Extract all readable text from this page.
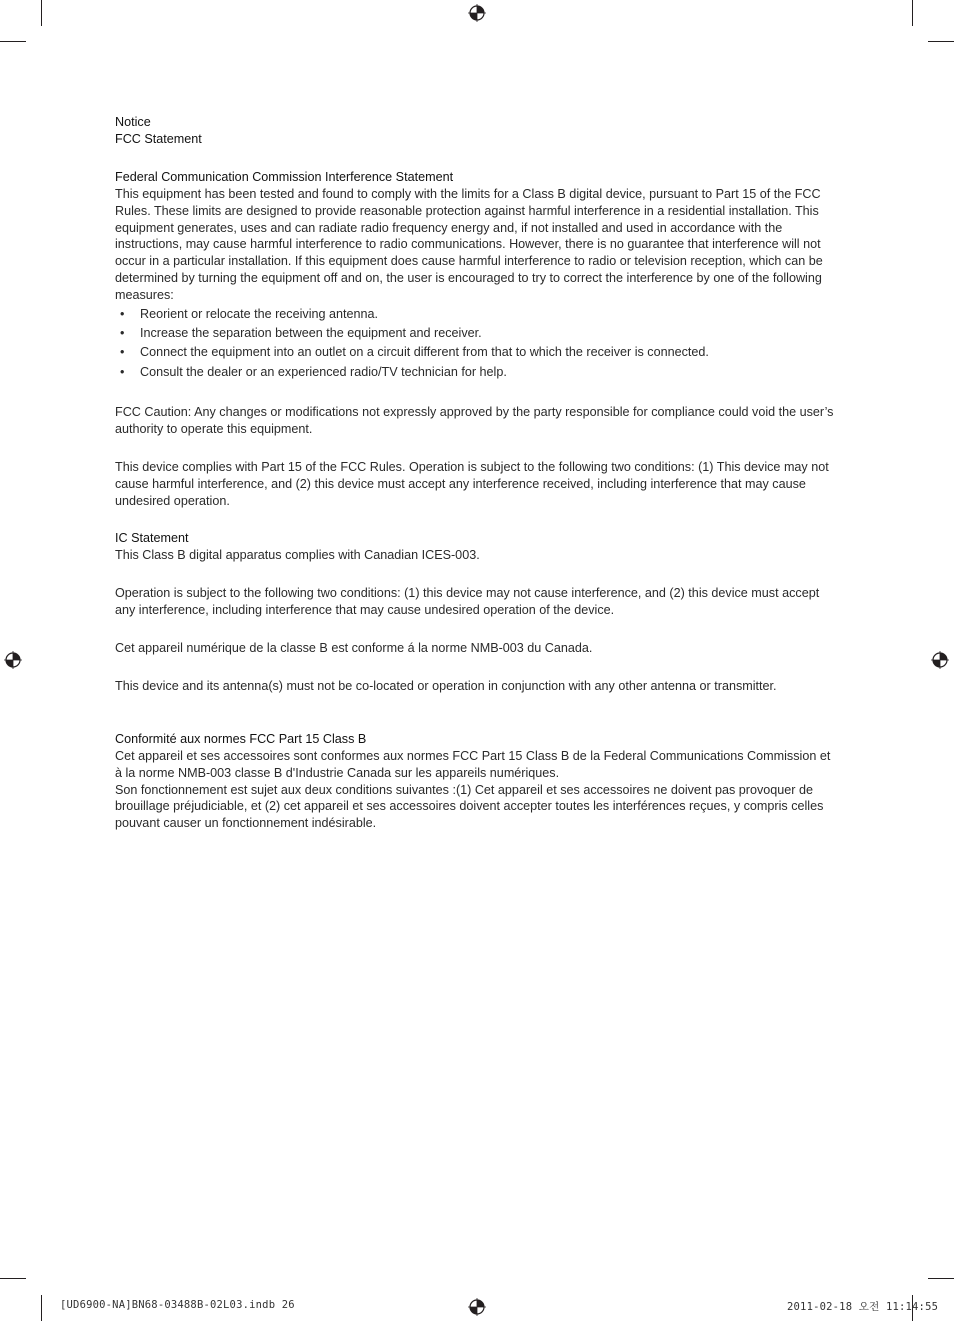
Notice

FCC Statement

Federal Communication Commission Interference Statement

This equipment has been tested and found to comply with the limits for a Class B digital device, pursuant to Part 15 of the FCC Rules. These limits are designed to provide reasonable protection against harmful interference in a residential installation. This equipment generates, uses and can radiate radio frequency energy and, if not installed and used in accordance with the instructions, may cause harmful interference to radio communications. However, there is no guarantee that interference will not occur in a particular installation. If this equipment does cause harmful interference to radio or television reception, which can be determined by turning the equipment off and on, the user is encouraged to try to correct the interference by one of the following measures:

• Reorient or relocate the receiving antenna.
• Increase the separation between the equipment and receiver.
• Connect the equipment into an outlet on a circuit different from that to which the receiver is connected.
• Consult the dealer or an experienced radio/TV technician for help.

FCC Caution: Any changes or modifications not expressly approved by the party responsible for compliance could void the user’s authority to operate this equipment.

This device complies with Part 15 of the FCC Rules. Operation is subject to the following two conditions: (1) This device may not cause harmful interference, and (2) this device must accept any interference received, including interference that may cause undesired operation.

IC Statement

This Class B digital apparatus complies with Canadian ICES-003.

Operation is subject to the following two conditions: (1) this device may not cause interference, and (2) this device must accept any interference, including interference that may cause undesired operation of the device.

Cet appareil numérique de la classe B est conforme á la norme NMB-003 du Canada.

This device and its antenna(s) must not be co-located or operation in conjunction with any other antenna or transmitter.

Conformité aux normes FCC Part 15 Class B

Cet appareil et ses accessoires sont conformes aux normes FCC Part 15 Class B de la Federal Communications Commission et à la norme NMB-003 classe B d'Industrie Canada sur les appareils numériques.

Son fonctionnement est sujet aux deux conditions suivantes :(1) Cet appareil et ses accessoires ne doivent pas provoquer de brouillage préjudiciable, et (2) cet appareil et ses accessoires doivent accepter toutes les interférences reçues, y compris celles pouvant causer un fonctionnement indésirable.

[UD6900-NA]BN68-03488B-02L03.indb 26	2011-02-18 오전 11:14:55
